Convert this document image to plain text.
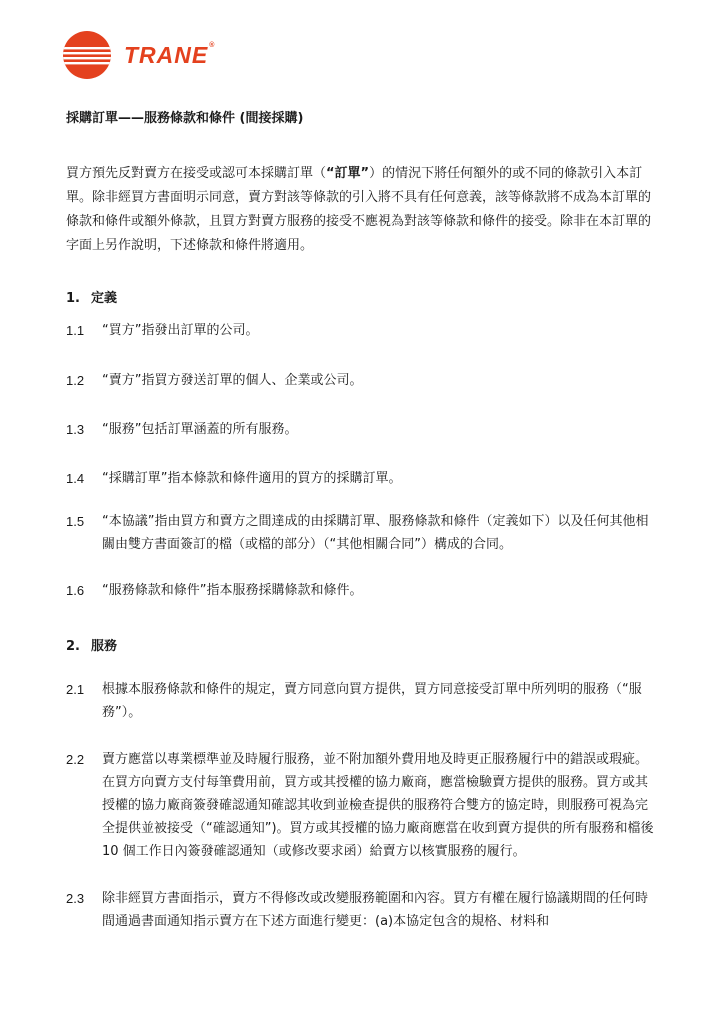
TRANE®
採購訂單——服務條款和條件 (間接採購)

買方預先反對賣方在接受或認可本採購訂單（“訂單”）的情況下將任何額外的或不同的條款引入本訂單。除非經買方書面明示同意，賣方對該等條款的引入將不具有任何意義，該等條款將不成為本訂單的條款和條件或額外條款，且買方對賣方服務的接受不應視為對該等條款和條件的接受。除非在本訂單的字面上另作說明，下述條款和條件將適用。

1. 定義
1.1	“買方”指發出訂單的公司。
1.2	“賣方”指買方發送訂單的個人、企業或公司。
1.3	“服務”包括訂單涵蓋的所有服務。
1.4	“採購訂單”指本條款和條件適用的買方的採購訂單。
1.5	“本協議”指由買方和賣方之間達成的由採購訂單、服務條款和條件（定義如下）以及任何其他相關由雙方書面簽訂的檔（或檔的部分）（“其他相關合同”）構成的合同。
1.6	“服務條款和條件”指本服務採購條款和條件。
2. 服務
2.1	根據本服務條款和條件的規定，賣方同意向買方提供，買方同意接受訂單中所列明的服務（“服務”）。
2.2	賣方應當以專業標準並及時履行服務，並不附加額外費用地及時更正服務履行中的錯誤或瑕疵。在買方向賣方支付每筆費用前，買方或其授權的協力廠商，應當檢驗賣方提供的服務。買方或其授權的協力廠商簽發確認通知確認其收到並檢查提供的服務符合雙方的協定時，則服務可視為完全提供並被接受（“確認通知”)。買方或其授權的協力廠商應當在收到賣方提供的所有服務和檔後 10 個工作日內簽發確認通知（或修改要求函）給賣方以核實服務的履行。
2.3	除非經買方書面指示，賣方不得修改或改變服務範圍和內容。買方有權在履行協議期間的任何時間通過書面通知指示賣方在下述方面進行變更：(a)本協定包含的規格、材料和
